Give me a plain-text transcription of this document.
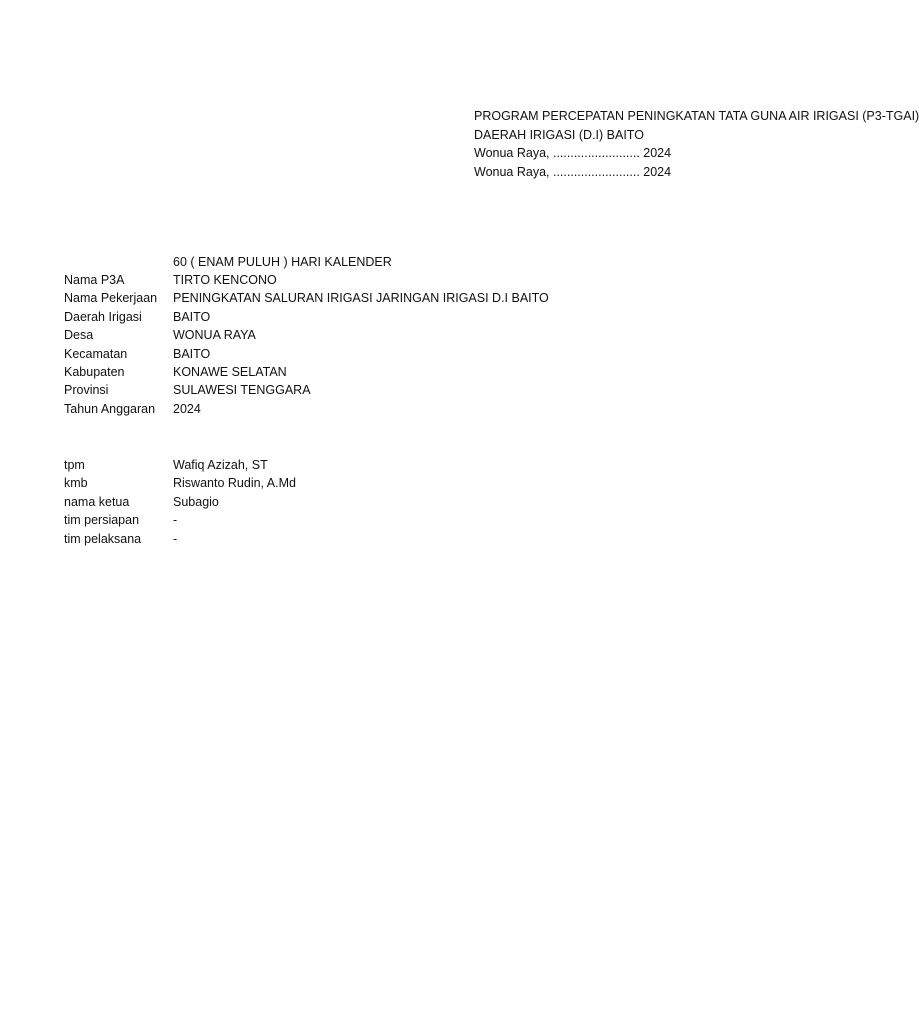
PROGRAM PERCEPATAN PENINGKATAN TATA GUNA AIR IRIGASI (P3-TGAI)
DAERAH IRIGASI (D.I) BAITO
Wonua Raya, ......................... 2024
Wonua Raya, ......................... 2024
60 ( ENAM PULUH ) HARI KALENDER
Nama P3A	TIRTO KENCONO
Nama Pekerjaan	PENINGKATAN SALURAN IRIGASI JARINGAN IRIGASI D.I BAITO
Daerah Irigasi	BAITO
Desa	WONUA RAYA
Kecamatan	BAITO
Kabupaten	KONAWE SELATAN
Provinsi	SULAWESI TENGGARA
Tahun Anggaran	2024
tpm	Wafiq Azizah, ST
kmb	Riswanto Rudin, A.Md
nama ketua	Subagio
tim persiapan	-
tim pelaksana	-
